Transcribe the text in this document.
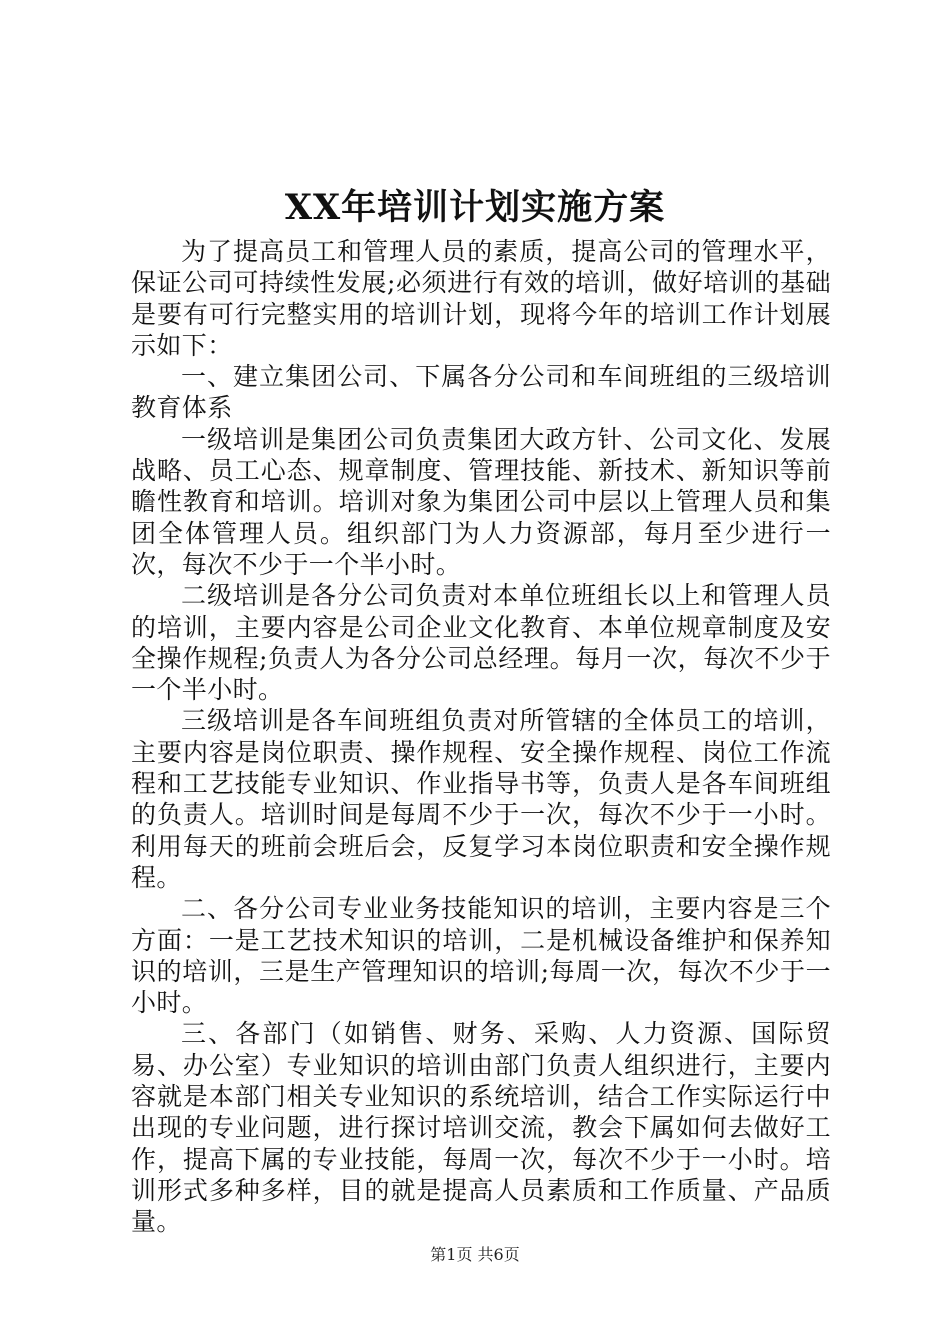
XX年培训计划实施方案

为了提高员工和管理人员的素质，提高公司的管理水平，保证公司可持续性发展;必须进行有效的培训，做好培训的基础是要有可行完整实用的培训计划，现将今年的培训工作计划展示如下：

一、建立集团公司、下属各分公司和车间班组的三级培训教育体系

一级培训是集团公司负责集团大政方针、公司文化、发展战略、员工心态、规章制度、管理技能、新技术、新知识等前瞻性教育和培训。培训对象为集团公司中层以上管理人员和集团全体管理人员。组织部门为人力资源部，每月至少进行一次，每次不少于一个半小时。

二级培训是各分公司负责对本单位班组长以上和管理人员的培训，主要内容是公司企业文化教育、本单位规章制度及安全操作规程;负责人为各分公司总经理。每月一次，每次不少于一个半小时。

三级培训是各车间班组负责对所管辖的全体员工的培训，主要内容是岗位职责、操作规程、安全操作规程、岗位工作流程和工艺技能专业知识、作业指导书等，负责人是各车间班组的负责人。培训时间是每周不少于一次，每次不少于一小时。利用每天的班前会班后会，反复学习本岗位职责和安全操作规程。

二、各分公司专业业务技能知识的培训，主要内容是三个方面：一是工艺技术知识的培训，二是机械设备维护和保养知识的培训，三是生产管理知识的培训;每周一次，每次不少于一小时。

三、各部门（如销售、财务、采购、人力资源、国际贸易、办公室）专业知识的培训由部门负责人组织进行，主要内容就是本部门相关专业知识的系统培训，结合工作实际运行中出现的专业问题，进行探讨培训交流，教会下属如何去做好工作，提高下属的专业技能，每周一次，每次不少于一小时。培训形式多种多样，目的就是提高人员素质和工作质量、产品质量。

第1页 共6页
